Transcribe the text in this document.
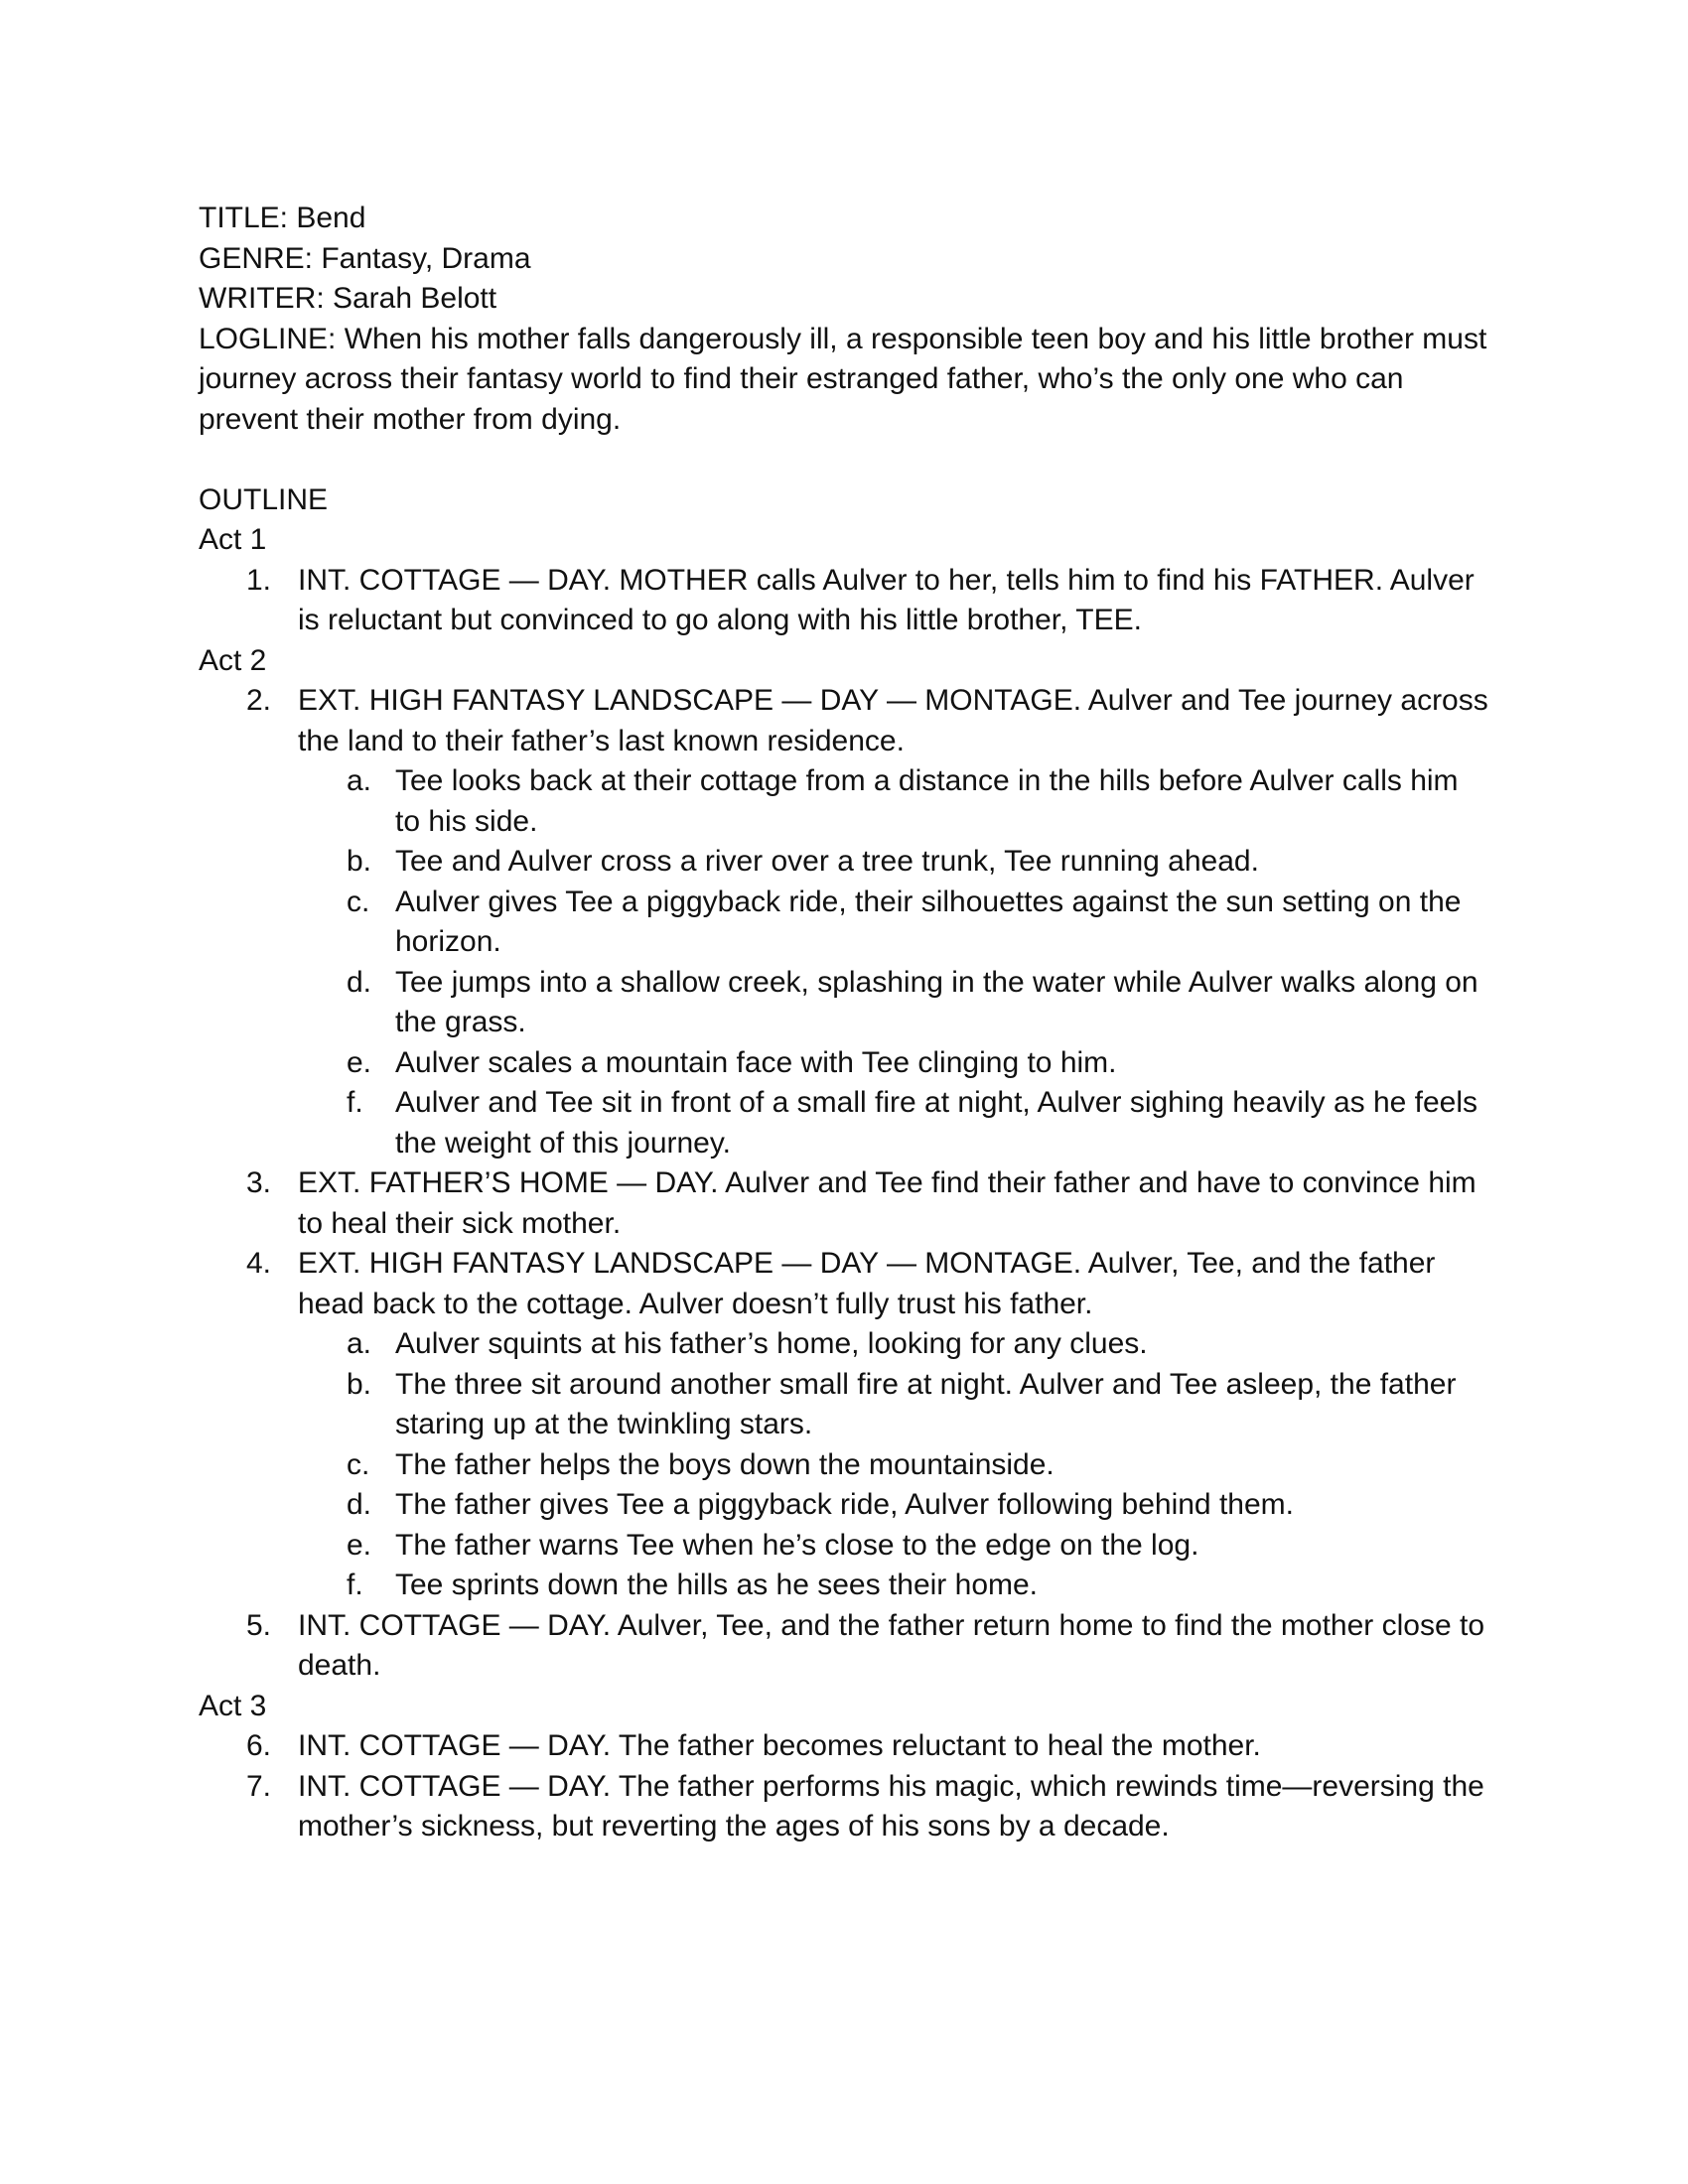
TITLE: Bend
GENRE: Fantasy, Drama
WRITER: Sarah Belott
LOGLINE: When his mother falls dangerously ill, a responsible teen boy and his little brother must journey across their fantasy world to find their estranged father, who’s the only one who can prevent their mother from dying.
OUTLINE
Act 1
1. INT. COTTAGE — DAY. MOTHER calls Aulver to her, tells him to find his FATHER. Aulver is reluctant but convinced to go along with his little brother, TEE.
Act 2
2. EXT. HIGH FANTASY LANDSCAPE — DAY — MONTAGE. Aulver and Tee journey across the land to their father’s last known residence.
a. Tee looks back at their cottage from a distance in the hills before Aulver calls him to his side.
b. Tee and Aulver cross a river over a tree trunk, Tee running ahead.
c. Aulver gives Tee a piggyback ride, their silhouettes against the sun setting on the horizon.
d. Tee jumps into a shallow creek, splashing in the water while Aulver walks along on the grass.
e. Aulver scales a mountain face with Tee clinging to him.
f. Aulver and Tee sit in front of a small fire at night, Aulver sighing heavily as he feels the weight of this journey.
3. EXT. FATHER’S HOME — DAY. Aulver and Tee find their father and have to convince him to heal their sick mother.
4. EXT. HIGH FANTASY LANDSCAPE — DAY — MONTAGE. Aulver, Tee, and the father head back to the cottage. Aulver doesn’t fully trust his father.
a. Aulver squints at his father’s home, looking for any clues.
b. The three sit around another small fire at night. Aulver and Tee asleep, the father staring up at the twinkling stars.
c. The father helps the boys down the mountainside.
d. The father gives Tee a piggyback ride, Aulver following behind them.
e. The father warns Tee when he’s close to the edge on the log.
f. Tee sprints down the hills as he sees their home.
5. INT. COTTAGE — DAY. Aulver, Tee, and the father return home to find the mother close to death.
Act 3
6. INT. COTTAGE — DAY. The father becomes reluctant to heal the mother.
7. INT. COTTAGE — DAY. The father performs his magic, which rewinds time—reversing the mother’s sickness, but reverting the ages of his sons by a decade.
